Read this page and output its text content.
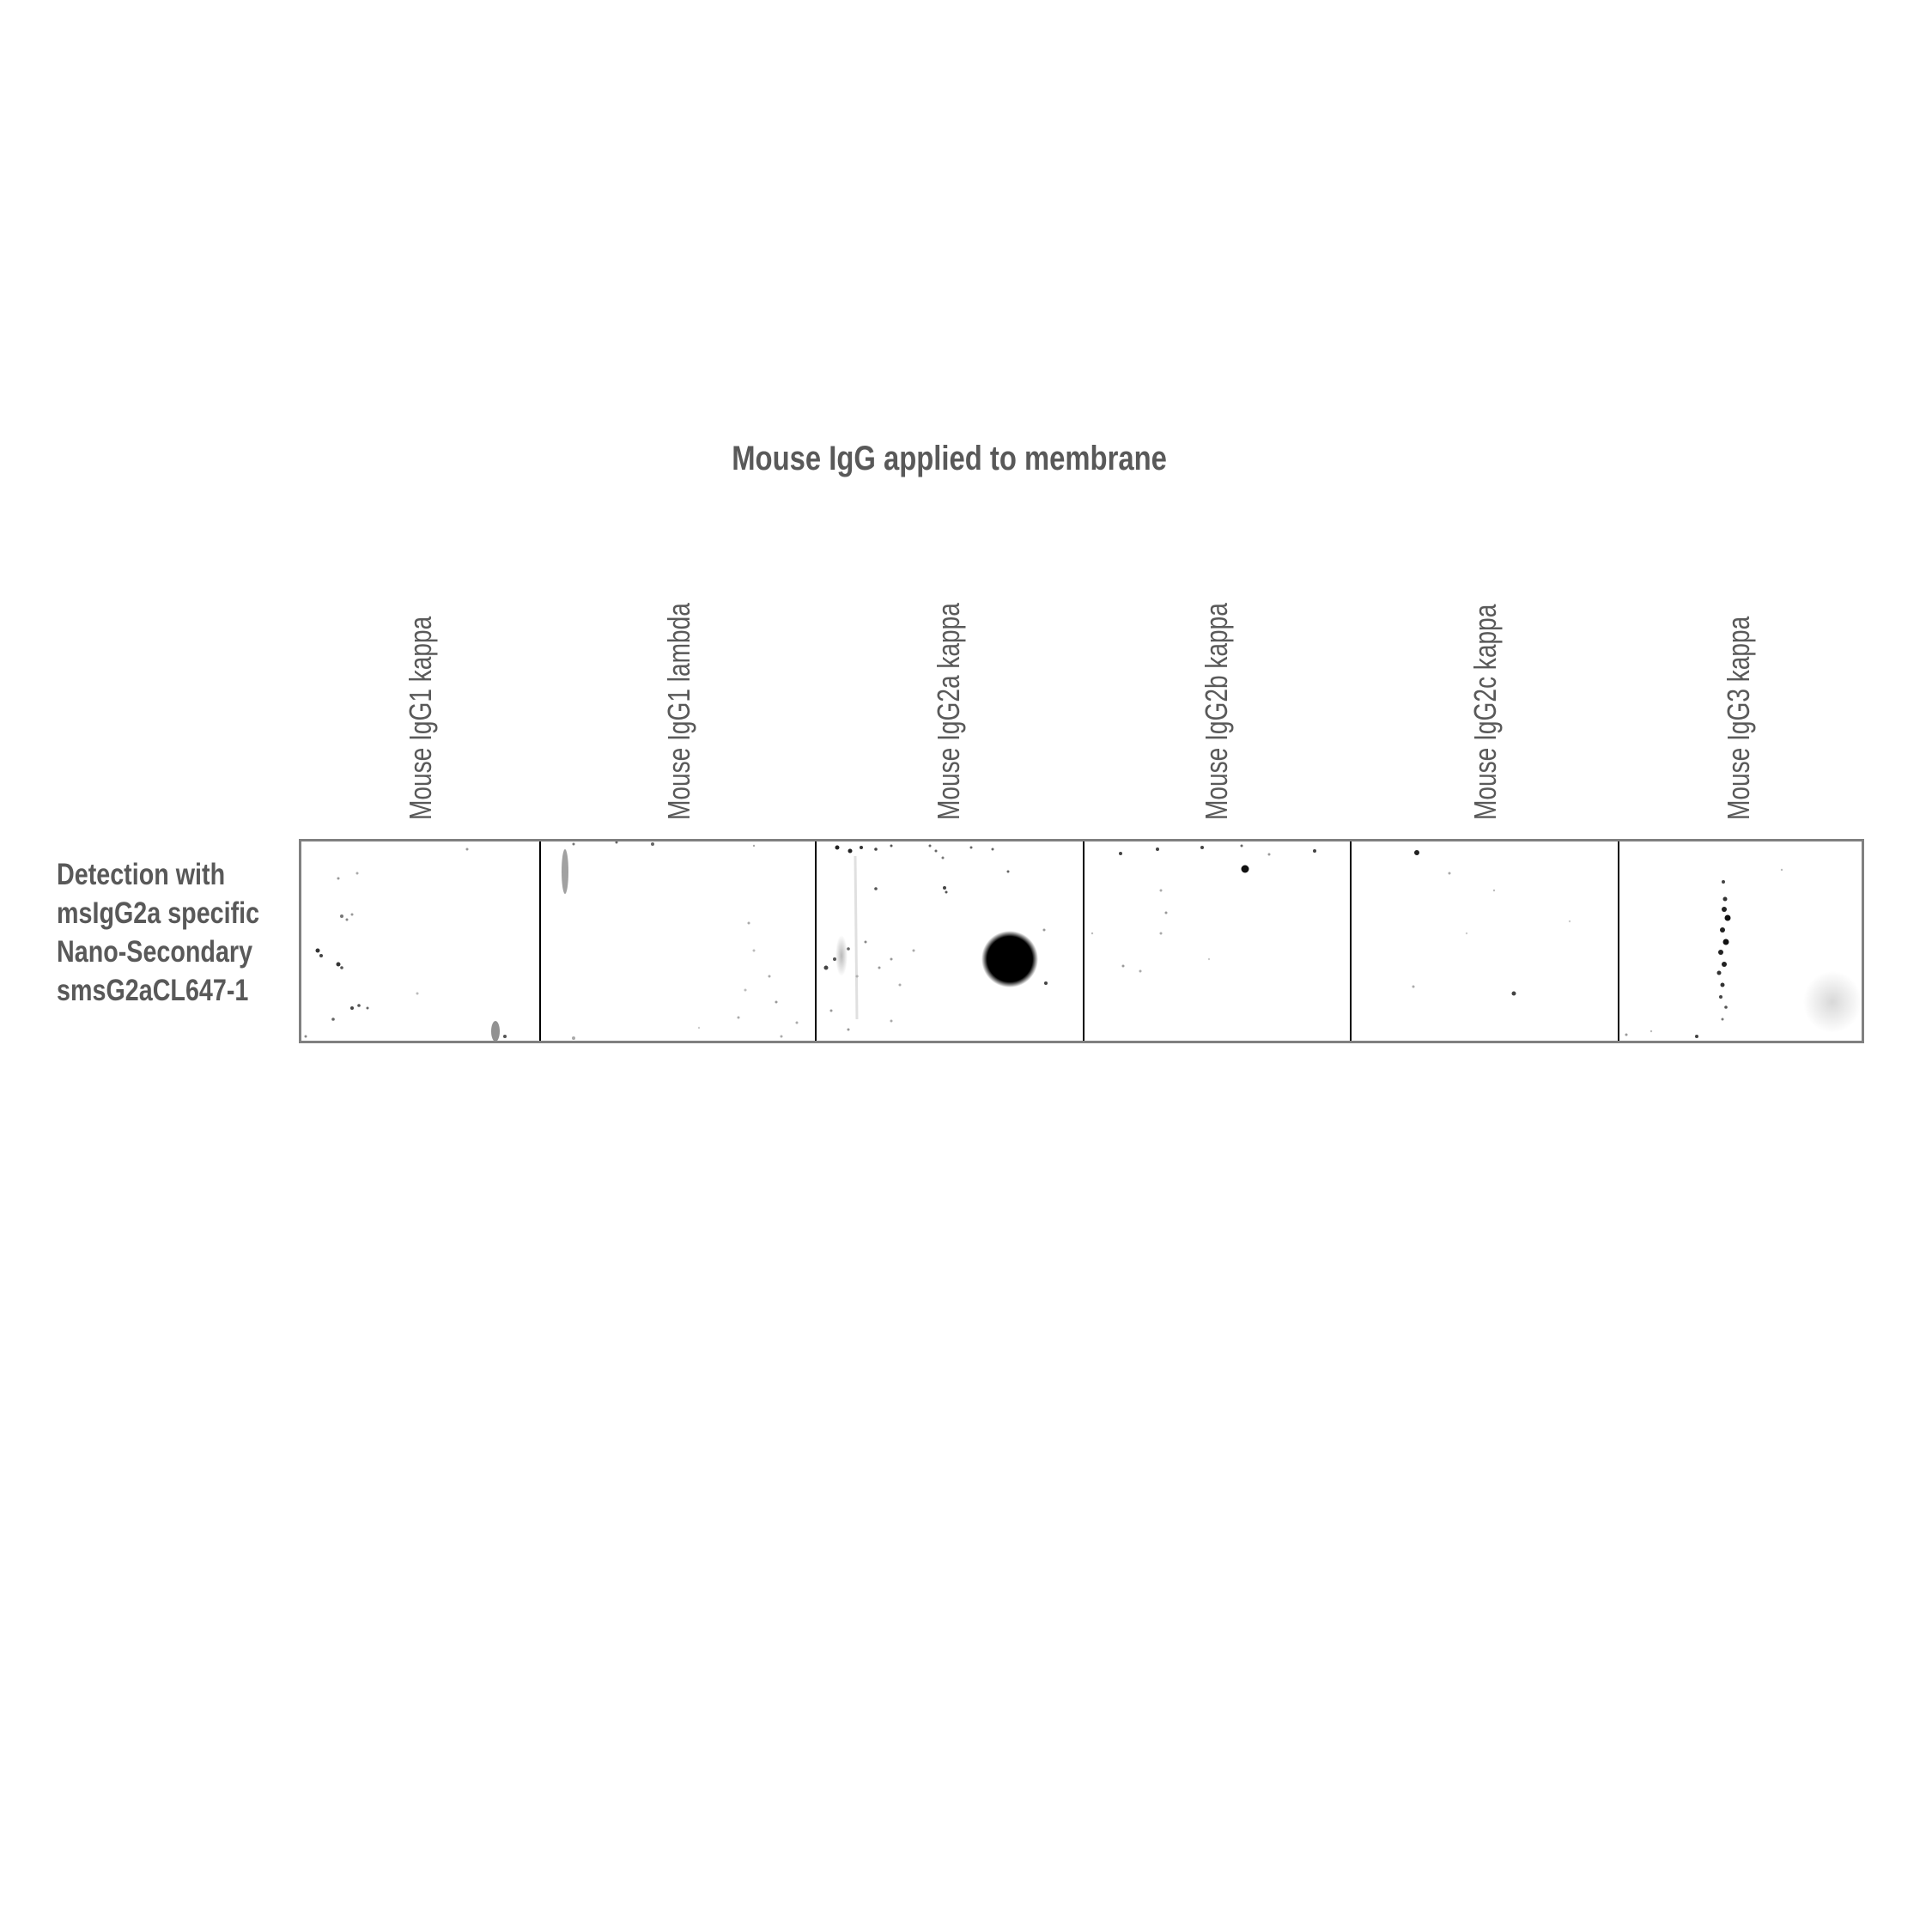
Mouse IgG applied to membrane
Mouse IgG1 kappa	Mouse IgG1 lambda	Mouse IgG2a kappa	Mouse IgG2b kappa	Mouse IgG2c kappa	Mouse IgG3 kappa
Detection with
msIgG2a specific
Nano-Secondary
smsG2aCL647-1
